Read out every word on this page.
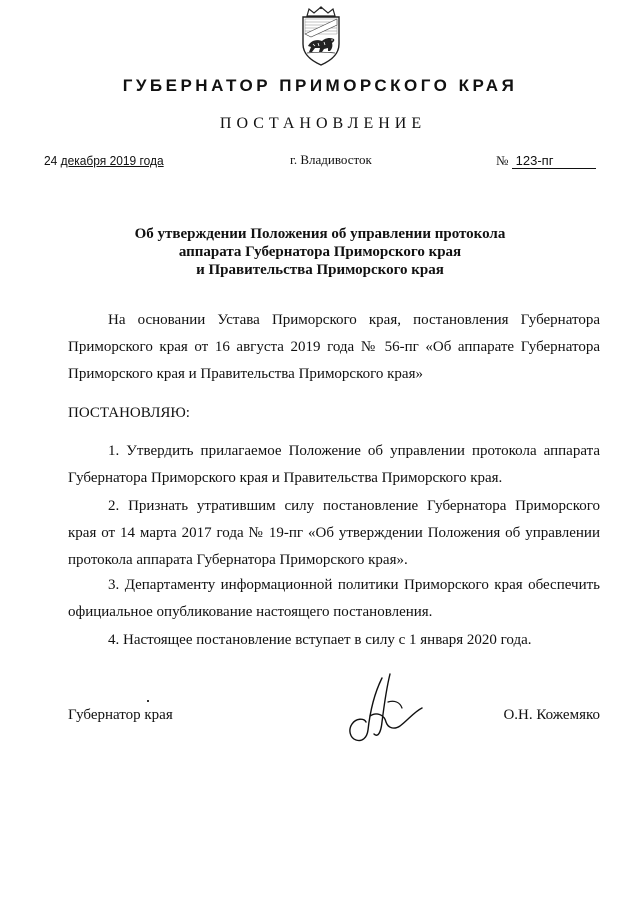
ГУБЕРНАТОР ПРИМОРСКОГО КРАЯ
ПОСТАНОВЛЕНИЕ
24 декабря 2019 года	г. Владивосток	№ 123-пг
Об утверждении Положения об управлении протокола
аппарата Губернатора Приморского края
и Правительства Приморского края
На основании Устава Приморского края, постановления Губернатора
Приморского края от 16 августа 2019 года № 56-пг «Об аппарате Губернатора
Приморского края и Правительства Приморского края»
ПОСТАНОВЛЯЮ:
1. Утвердить прилагаемое Положение об управлении протокола аппарата
Губернатора Приморского края и Правительства Приморского края.
2. Признать утратившим силу постановление Губернатора Приморского
края от 14 марта 2017 года № 19-пг «Об утверждении Положения об управлении
протокола аппарата Губернатора Приморского края».
3. Департаменту информационной политики Приморского края обеспечить
официальное опубликование настоящего постановления.
4. Настоящее постановление вступает в силу с 1 января 2020 года.
Губернатор края	О.Н. Кожемяко
